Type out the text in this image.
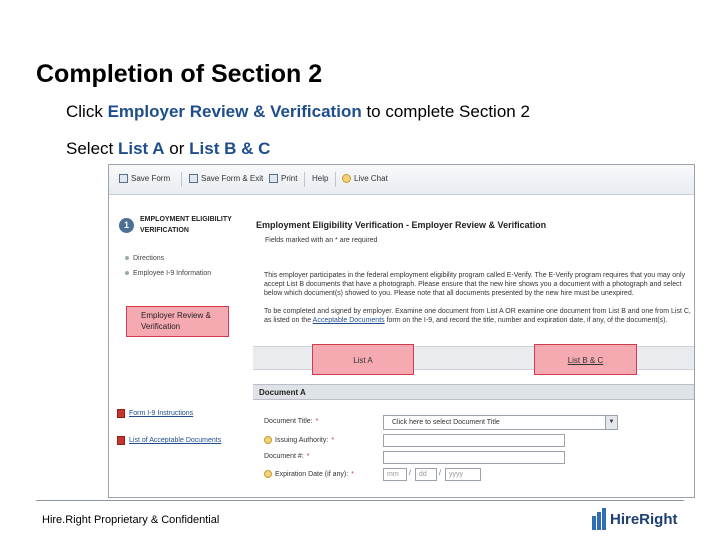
Completion of Section 2
Click Employer Review & Verification to complete Section 2
Select List A or List B & C
Save Form	Save Form & Exit Print Help	Live Chat
1
EMPLOYMENT ELIGIBILITY VERIFICATION
Directions
Employee I-9 Information
Employer Review & Verification
Form I-9 Instructions
List of Acceptable Documents
Employment Eligibility Verification - Employer Review & Verification
Fields marked with an * are required
This employer participates in the federal employment eligibility program called E-Verify. The E-Verify program requires that you may only accept List B documents that have a photograph. Please ensure that the new hire shows you a document with a photograph and select below which document(s) showed to you. Please note that all documents presented by the new hire must be unexpired.
To be completed and signed by employer. Examine one document from List A OR examine one document from List B and one from List C, as listed on the Acceptable Documents form on the I-9, and record the title, number and expiration date, if any, of the document(s).
List A	List B & C
Document A
Document Title: *	Click here to select Document Title	▼
Issuing Authority: *
Document #: *
Expiration Date (if any): *	mm	/	dd	/	yyyy
Hire.Right Proprietary & Confidential	HireRight
